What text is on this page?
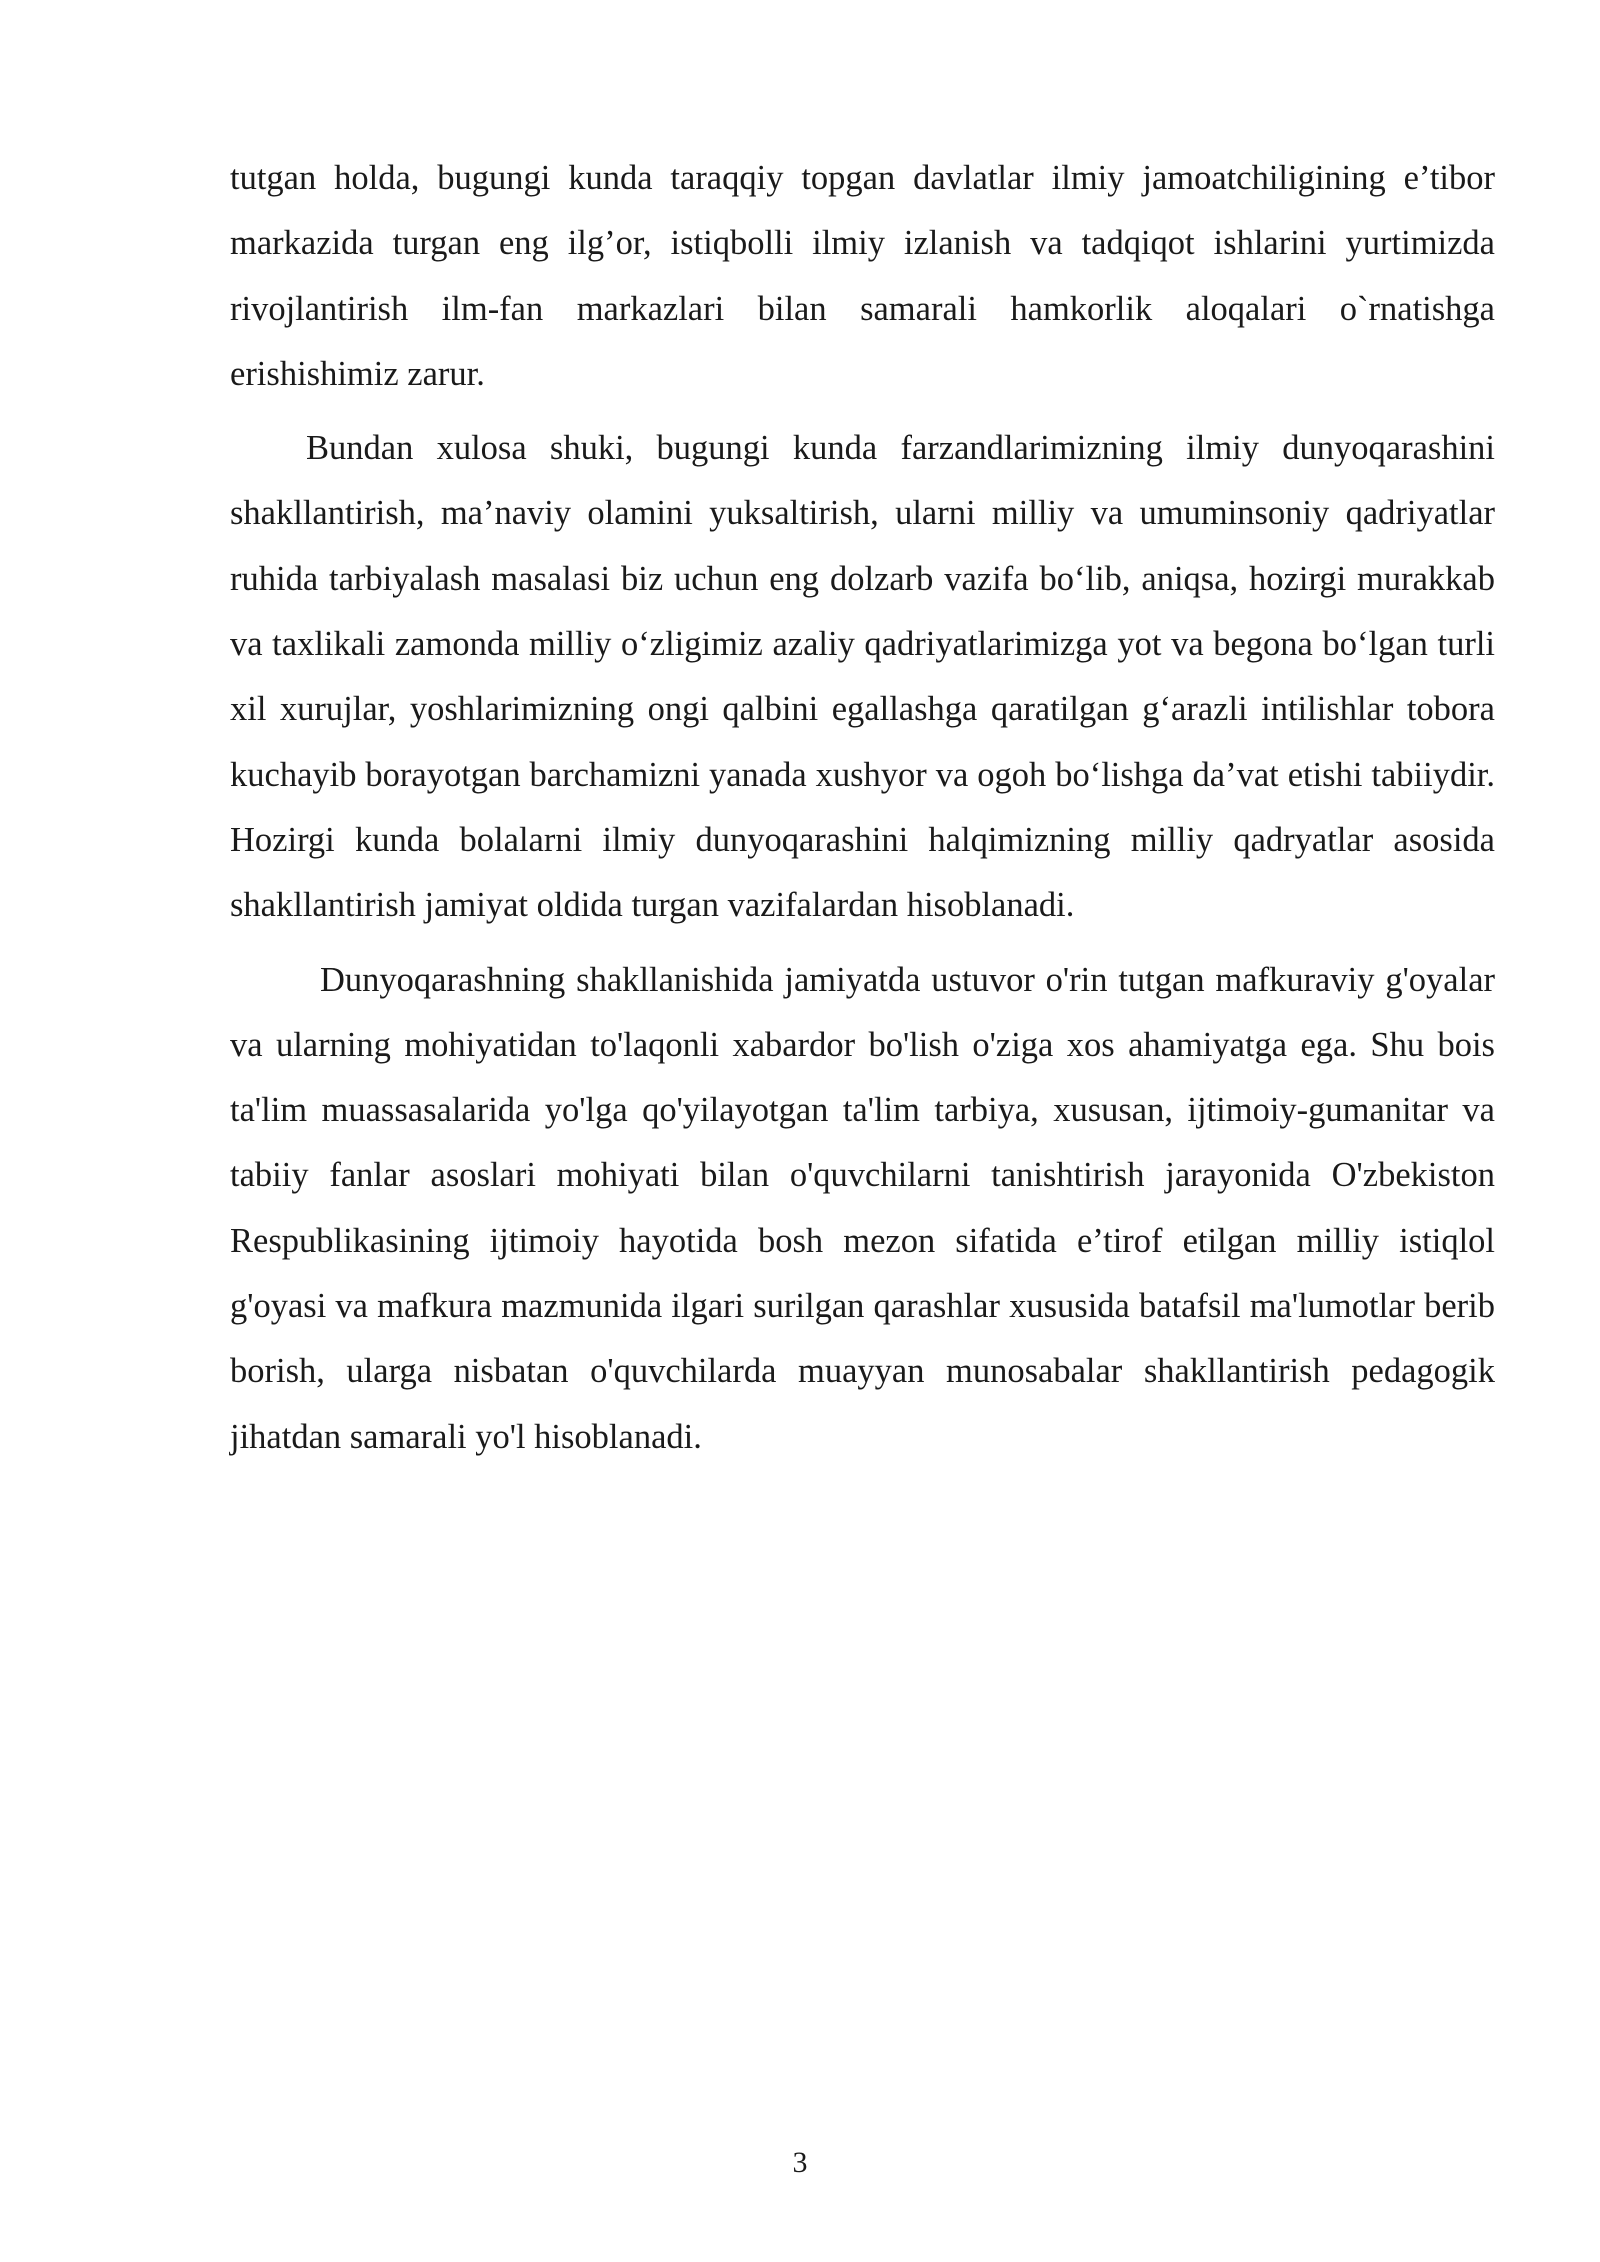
tutgan holda, bugungi kunda taraqqiy topgan davlatlar ilmiy jamoatchiligining e’tibor markazida turgan eng ilg’or, istiqbolli ilmiy izlanish va tadqiqot ishlarini yurtimizda rivojlantirish ilm-fan markazlari bilan samarali hamkorlik aloqalari o`rnatishga erishishimiz zarur.

Bundan xulosa shuki, bugungi kunda farzandlarimizning ilmiy dunyoqarashini shakllantirish, ma’naviy olamini yuksaltirish, ularni milliy va umuminsoniy qadriyatlar ruhida tarbiyalash masalasi biz uchun eng dolzarb vazifa bo‘lib, aniqsa, hozirgi murakkab va taxlikali zamonda milliy o‘zligimiz azaliy qadriyatlarimizga yot va begona bo‘lgan turli xil xurujlar, yoshlarimizning ongi qalbini egallashga qaratilgan g‘arazli intilishlar tobora kuchayib borayotgan barchamizni yanada xushyor va ogoh bo‘lishga da’vat etishi tabiiydir. Hozirgi kunda bolalarni ilmiy dunyoqarashini halqimizning milliy qadryatlar asosida shakllantirish jamiyat oldida turgan vazifalardan hisoblanadi.

Dunyoqarashning shakllanishida jamiyatda ustuvor o'rin tutgan mafkuraviy g'oyalar va ularning mohiyatidan to'laqonli xabardor bo'lish o'ziga xos ahamiyatga ega. Shu bois ta'lim muassasalarida yo'lga qo'yilayotgan ta'lim tarbiya, xususan, ijtimoiy-gumanitar va tabiiy fanlar asoslari mohiyati bilan o'quvchilarni tanishtirish jarayonida O'zbekiston Respublikasining ijtimoiy hayotida bosh mezon sifatida e’tirof etilgan milliy istiqlol g'oyasi va mafkura mazmunida ilgari surilgan qarashlar xususida batafsil ma'lumotlar berib borish, ularga nisbatan o'quvchilarda muayyan munosabalar shakllantirish pedagogik jihatdan samarali yo'l hisoblanadi.

3
